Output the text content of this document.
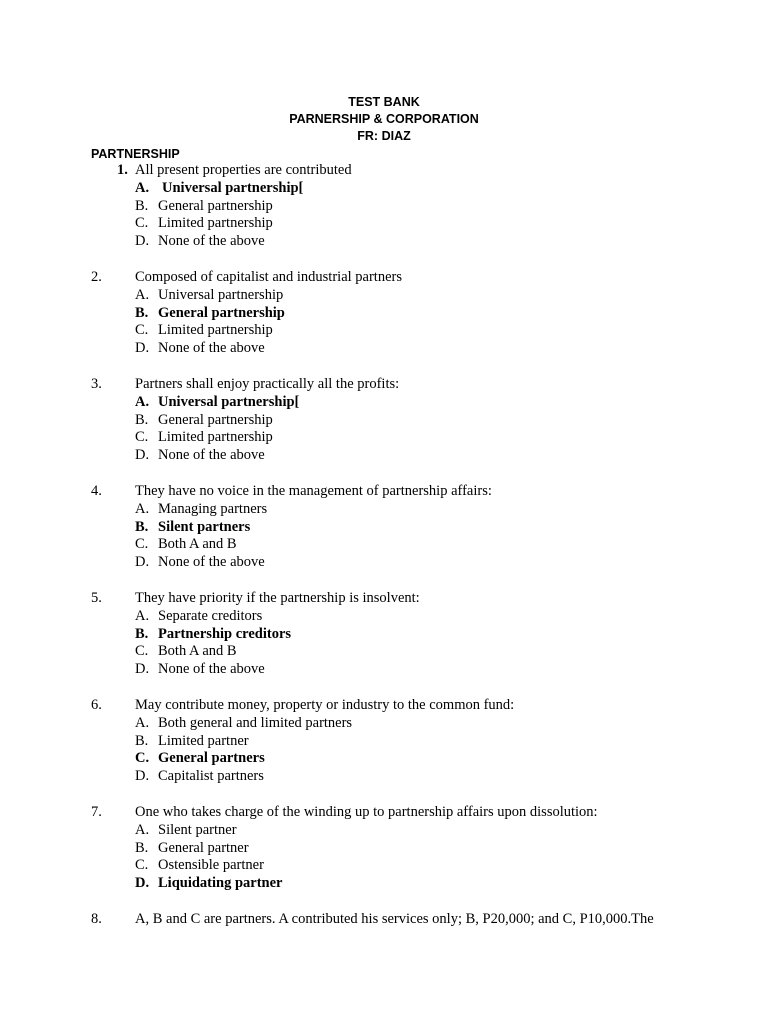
TEST BANK
PARNERSHIP & CORPORATION
FR: DIAZ
PARTNERSHIP
1. All present properties are contributed
A. Universal partnership[
B. General partnership
C. Limited partnership
D. None of the above
2. Composed of capitalist and industrial partners
A. Universal partnership
B. General partnership
C. Limited partnership
D. None of the above
3. Partners shall enjoy practically all the profits:
A. Universal partnership[
B. General partnership
C. Limited partnership
D. None of the above
4. They have no voice in the management of partnership affairs:
A. Managing partners
B. Silent partners
C. Both A and B
D. None of the above
5. They have priority if the partnership is insolvent:
A. Separate creditors
B. Partnership creditors
C. Both A and B
D. None of the above
6. May contribute money, property or industry to the common fund:
A. Both general and limited partners
B. Limited partner
C. General partners
D. Capitalist partners
7. One who takes charge of the winding up to partnership affairs upon dissolution:
A. Silent partner
B. General partner
C. Ostensible partner
D. Liquidating partner
8. A, B and C are partners. A contributed his services only; B, P20,000; and C, P10,000.The
